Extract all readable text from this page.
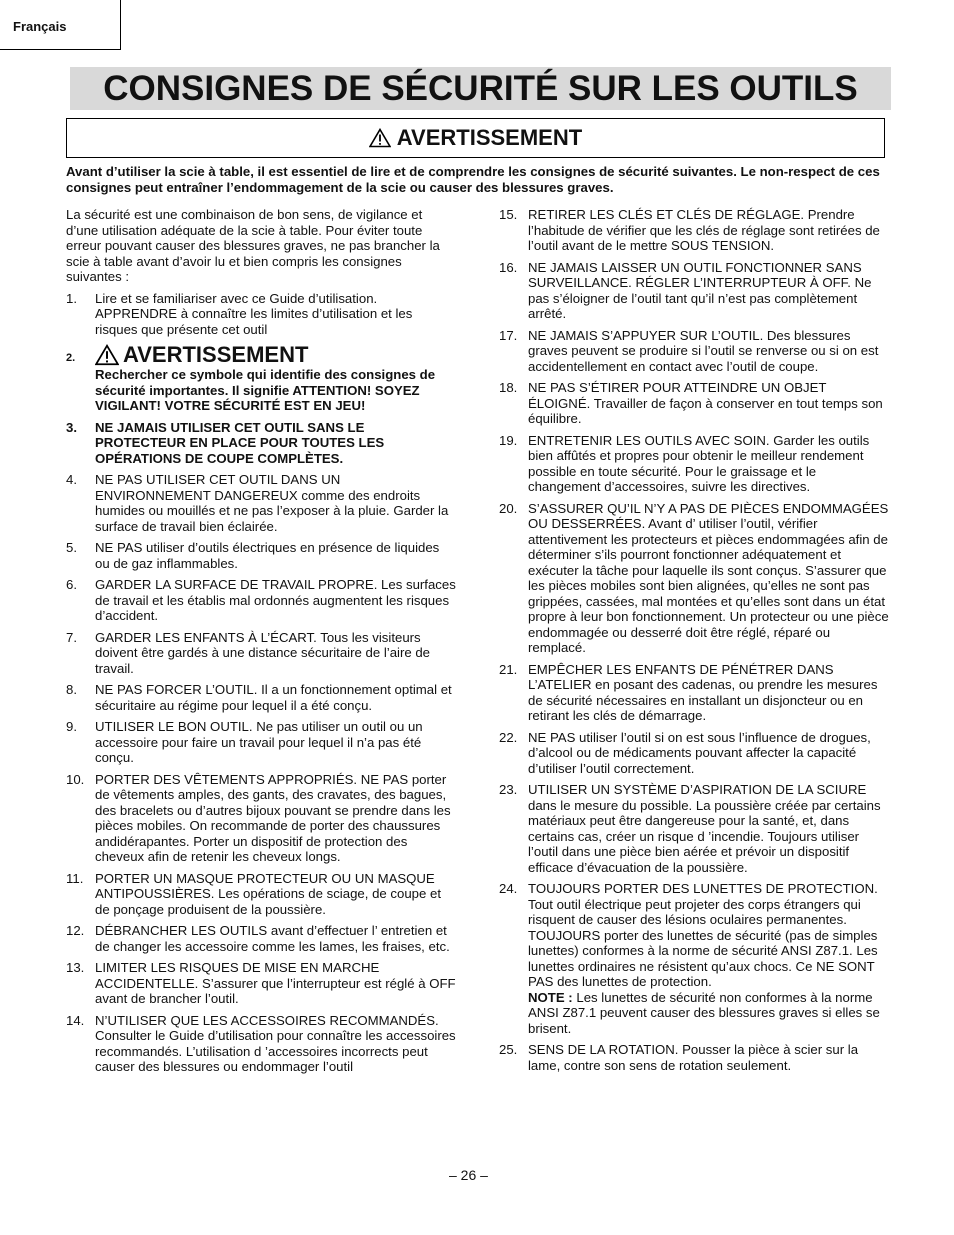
Français
CONSIGNES DE SÉCURITÉ SUR LES OUTILS
AVERTISSEMENT
Avant d’utiliser la scie à table, il est essentiel de lire et de comprendre les consignes de sécurité suivantes. Le non-respect de ces consignes peut entraîner l’endommagement de la scie ou causer des blessures graves.

La sécurité est une combinaison de bon sens, de vigilance et d’une utilisation adéquate de la scie à table. Pour éviter toute erreur pouvant causer des blessures graves, ne pas brancher la scie à table avant d’avoir lu et bien compris les consignes suivantes :

1. Lire et se familiariser avec ce Guide d’utilisation. APPRENDRE à connaître les limites d’utilisation et les risques que présente cet outil
2. AVERTISSEMENT
Rechercher ce symbole qui identifie des consignes de sécurité importantes. Il signifie ATTENTION! SOYEZ VIGILANT! VOTRE SÉCURITÉ EST EN JEU!
3. NE JAMAIS UTILISER CET OUTIL SANS LE PROTECTEUR EN PLACE POUR TOUTES LES OPÉRATIONS DE COUPE COMPLÈTES.
4. NE PAS UTILISER CET OUTIL DANS UN ENVIRONNEMENT DANGEREUX comme des endroits humides ou mouillés et ne pas l’exposer à la pluie. Garder la surface de travail bien éclairée.
5. NE PAS utiliser d’outils électriques en présence de liquides ou de gaz inflammables.
6. GARDER LA SURFACE DE TRAVAIL PROPRE. Les surfaces de travail et les établis mal ordonnés augmentent les risques d’accident.
7. GARDER LES ENFANTS À L’ÉCART. Tous les visiteurs doivent être gardés à une distance sécuritaire de l’aire de travail.
8. NE PAS FORCER L’OUTIL. Il a un fonctionnement optimal et sécuritaire au régime pour lequel il a été conçu.
9. UTILISER LE BON OUTIL. Ne pas utiliser un outil ou un accessoire pour faire un travail pour lequel il n’a pas été conçu.
10. PORTER DES VÊTEMENTS APPROPRIÉS. NE PAS porter de vêtements amples, des gants, des cravates, des bagues, des bracelets ou d’autres bijoux pouvant se prendre dans les pièces mobiles. On recommande de porter des chaussures andidérapantes. Porter un dispositif de protection des cheveux afin de retenir les cheveux longs.
11. PORTER UN MASQUE PROTECTEUR OU UN MASQUE ANTIPOUSSIÈRES. Les opérations de sciage, de coupe et de ponçage produisent de la poussière.
12. DÉBRANCHER LES OUTILS avant d’effectuer l’ entretien et de changer les accessoire comme les lames, les fraises, etc.
13. LIMITER LES RISQUES DE MISE EN MARCHE ACCIDENTELLE. S’assurer que l’interrupteur est réglé à OFF avant de brancher l’outil.
14. N’UTILISER QUE LES ACCESSOIRES RECOMMANDÉS. Consulter le Guide d’utilisation pour connaître les accessoires recommandés. L’utilisation d ’accessoires incorrects peut causer des blessures ou endommager l’outil
15. RETIRER LES CLÉS ET CLÉS DE RÉGLAGE. Prendre l’habitude de vérifier que les clés de réglage sont retirées de l’outil avant de le mettre SOUS TENSION.
16. NE JAMAIS LAISSER UN OUTIL FONCTIONNER SANS SURVEILLANCE. RÉGLER L’INTERRUPTEUR À OFF. Ne pas s’éloigner de l’outil tant qu’il n’est pas complètement arrêté.
17. NE JAMAIS S’APPUYER SUR L’OUTIL. Des blessures graves peuvent se produire si l’outil se renverse ou si on est accidentellement en contact avec l’outil de coupe.
18. NE PAS S’ÉTIRER POUR ATTEINDRE UN OBJET ÉLOIGNÉ. Travailler de façon à conserver en tout temps son équilibre.
19. ENTRETENIR LES OUTILS AVEC SOIN. Garder les outils bien affûtés et propres pour obtenir le meilleur rendement possible en toute sécurité. Pour le graissage et le changement d’accessoires, suivre les directives.
20. S’ASSURER QU’IL N’Y A PAS DE PIÈCES ENDOMMAGÉES OU DESSERRÉES. Avant d’ utiliser l’outil, vérifier attentivement les protecteurs et pièces endommagées afin de déterminer s’ils pourront fonctionner adéquatement et exécuter la tâche pour laquelle ils sont conçus. S’assurer que les pièces mobiles sont bien alignées, qu’elles ne sont pas grippées, cassées, mal montées et qu’elles sont dans un état propre à leur bon fonctionnement. Un protecteur ou une pièce endommagée ou desserré doit être réglé, réparé ou remplacé.
21. EMPÊCHER LES ENFANTS DE PÉNÉTRER DANS L’ATELIER en posant des cadenas, ou prendre les mesures de sécurité nécessaires en installant un disjoncteur ou en retirant les clés de démarrage.
22. NE PAS utiliser l’outil si on est sous l’influence de drogues, d’alcool ou de médicaments pouvant affecter la capacité d’utiliser l’outil correctement.
23. UTILISER UN SYSTÈME D’ASPIRATION DE LA SCIURE dans le mesure du possible. La poussière créée par certains matériaux peut être dangereuse pour la santé, et, dans certains cas, créer un risque d ’incendie. Toujours utiliser l’outil dans une pièce bien aérée et prévoir un dispositif efficace d’évacuation de la poussière.
24. TOUJOURS PORTER DES LUNETTES DE PROTECTION. Tout outil électrique peut projeter des corps étrangers qui risquent de causer des lésions oculaires permanentes. TOUJOURS porter des lunettes de sécurité (pas de simples lunettes) conformes à la norme de sécurité ANSI Z87.1. Les lunettes ordinaires ne résistent qu’aux chocs. Ce NE SONT PAS des lunettes de protection.
NOTE : Les lunettes de sécurité non conformes à la norme ANSI Z87.1 peuvent causer des blessures graves si elles se brisent.
25. SENS DE LA ROTATION. Pousser la pièce à scier sur la lame, contre son sens de rotation seulement.
– 26 –
